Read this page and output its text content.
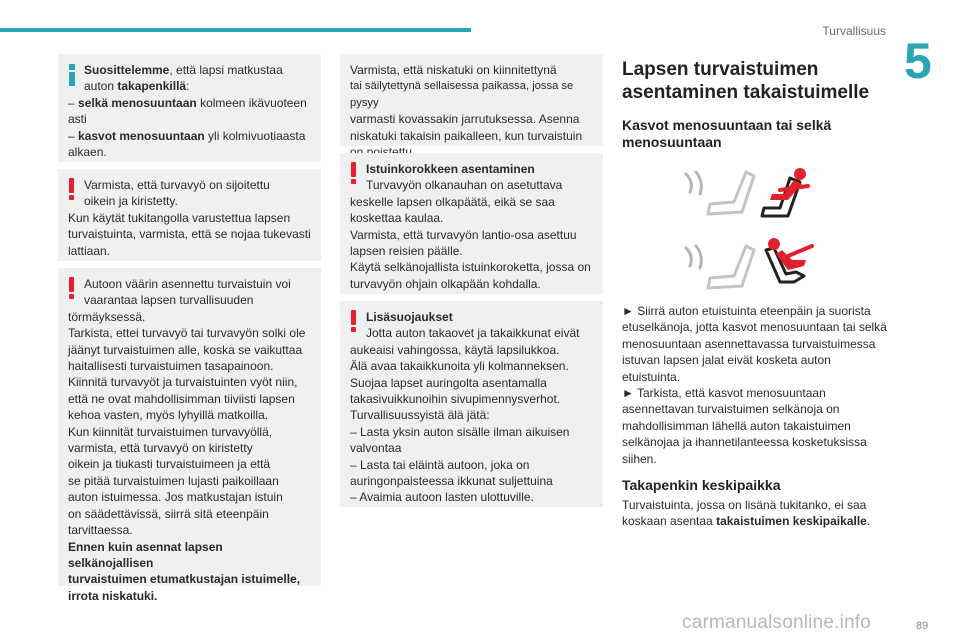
Turvallisuus
5

Suosittelemme, että lapsi matkustaa

auton takapenkillä:

– selkä menosuuntaan kolmeen ikävuoteen

asti

– kasvot menosuuntaan yli kolmivuotiaasta

alkaen.

Varmista, että turvavyö on sijoitettu

oikein ja kiristetty.

Kun käytät tukitangolla varustettua lapsen

turvaistuinta, varmista, että se nojaa tukevasti

lattiaan.

Autoon väärin asennettu turvaistuin voi

vaarantaa lapsen turvallisuuden

törmäyksessä.

Tarkista, ettei turvavyö tai turvavyön solki ole

jäänyt turvaistuimen alle, koska se vaikuttaa

haitallisesti turvaistuimen tasapainoon.

Kiinnitä turvavyöt ja turvaistuinten vyöt niin,

että ne ovat mahdollisimman tiiviisti lapsen

kehoa vasten, myös lyhyillä matkoilla.

Kun kiinnität turvaistuimen turvavyöllä,

varmista, että turvavyö on kiristetty

oikein ja tiukasti turvaistuimeen ja että

se pitää turvaistuimen lujasti paikoillaan

auton istuimessa. Jos matkustajan istuin

on säädettävissä, siirrä sitä eteenpäin

tarvittaessa.

Ennen kuin asennat lapsen selkänojallisen

turvaistuimen etumatkustajan istuimelle,

irrota niskatuki.

Varmista, että niskatuki on kiinnitettynä

tai säilytettynä sellaisessa paikassa, jossa se pysyy

varmasti kovassakin jarrutuksessa. Asenna

niskatuki takaisin paikalleen, kun turvaistuin

Istuinkorokkeen asentaminen

Turvavyön olkanauhan on asetuttava

keskelle lapsen olkapäätä, eikä se saa

koskettaa kaulaa.

Varmista, että turvavyön lantio-osa asettuu

lapsen reisien päälle.

Käytä selkänojallista istuinkoroketta, jossa on

turvavyön ohjain olkapään kohdalla.

Lisäsuojaukset

Jotta auton takaovet ja takaikkunat eivät

aukeaisi vahingossa, käytä lapsilukkoa.

Älä avaa takaikkunoita yli kolmanneksen.

Suojaa lapset auringolta asentamalla

takasivuikkunoihin sivupimennysverhot.

Turvallisuussyistä älä jätä:

– Lasta yksin auton sisälle ilman aikuisen

valvontaa

– Lasta tai eläintä autoon, joka on

auringonpaisteessa ikkunat suljettuina

– Avaimia autoon lasten ulottuville.

Lapsen turvaistuimen
asentaminen takaistuimelle
Kasvot menosuuntaan tai selkä
menosuuntaan
► Siirrä auton etuistuinta eteenpäin ja suorista
etuselkänoja, jotta kasvot menosuuntaan tai selkä
menosuuntaan asennettavassa turvaistuimessa
istuvan lapsen jalat eivät kosketa auton
etuistuinta.
► Tarkista, että kasvot menosuuntaan
asennettavan turvaistuimen selkänoja on
mahdollisimman lähellä auton takaistuimen
selkänojaa ja ihannetilanteessa kosketuksissa
siihen.
Takapenkin keskipaikka
Turvaistuinta, jossa on lisänä tukitanko, ei saa
koskaan asentaa takaistuimen keskipaikalle.
carmanualsonline.info	89
